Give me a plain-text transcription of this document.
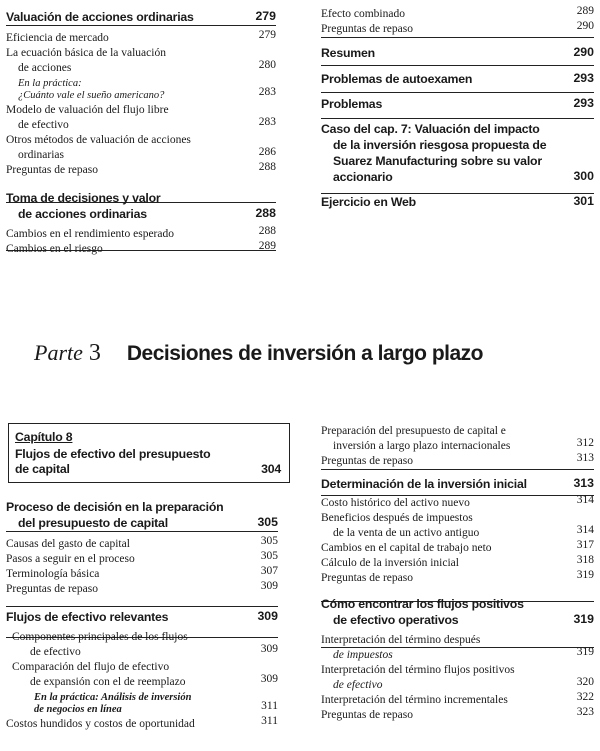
Valuación de acciones ordinarias	279
Eficiencia de mercado	279
La ecuación básica de la valuación
de acciones	280
En la práctica:
¿Cuánto vale el sueño americano?	283
Modelo de valuación del flujo libre
de efectivo	283
Otros métodos de valuación de acciones
ordinarias	286
Preguntas de repaso	288
Toma de decisiones y valor
de acciones ordinarias	288
Cambios en el rendimiento esperado	288
Cambios en el riesgo	289
Efecto combinado	289
Preguntas de repaso	290
Resumen	290
Problemas de autoexamen	293
Problemas	293
Caso del cap. 7: Valuación del impacto
de la inversión riesgosa propuesta de
Suarez Manufacturing sobre su valor
accionario	300
Ejercicio en Web	301
Parte 3 Decisiones de inversión a largo plazo
Capítulo 8
Flujos de efectivo del presupuesto
de capital	304
Proceso de decisión en la preparación
del presupuesto de capital	305
Causas del gasto de capital	305
Pasos a seguir en el proceso	305
Terminología básica	307
Preguntas de repaso	309
Flujos de efectivo relevantes	309
Componentes principales de los flujos
de efectivo	309
Comparación del flujo de efectivo
de expansión con el de reemplazo	309
En la práctica: Análisis de inversión
de negocios en línea	311
Costos hundidos y costos de oportunidad	311
Preparación del presupuesto de capital e
inversión a largo plazo internacionales	312
Preguntas de repaso	313
Determinación de la inversión inicial	313
Costo histórico del activo nuevo	314
Beneficios después de impuestos
de la venta de un activo antiguo	314
Cambios en el capital de trabajo neto	317
Cálculo de la inversión inicial	318
Preguntas de repaso	319
Cómo encontrar los flujos positivos
de efectivo operativos	319
Interpretación del término después
de impuestos	319
Interpretación del término flujos positivos
de efectivo	320
Interpretación del término incrementales	322
Preguntas de repaso	323
